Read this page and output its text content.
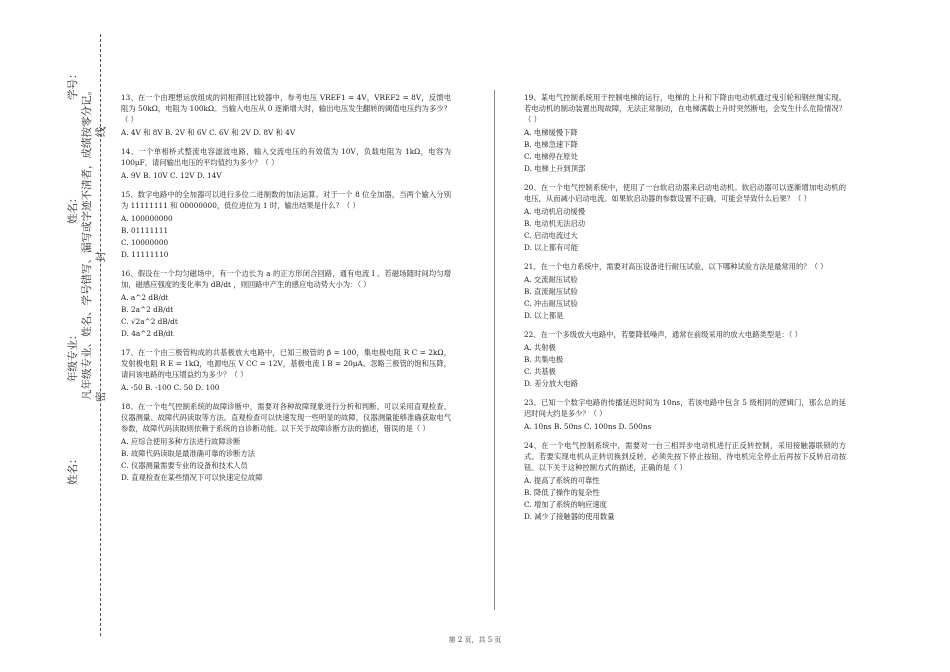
姓名：
年级专业：
姓名：
学号：
凡年级专业、姓名、学号错写、漏写或字迹不清者，成绩按零分记。 密
封
线

13、在一个由理想运放组成的同相滞回比较器中，参考电压 VREF1 = 4V，VREF2 = 8V，反馈电阻为 50kΩ，电阻为 100kΩ。当输入电压从 0 逐渐增大时，输出电压发生翻转的阈值电压约为多少？（ ）

A. 4V 和 8V B. 2V 和 6V C. 6V 和 2V D. 8V 和 4V

14、一个单相桥式整流电容滤波电路，输入交流电压的有效值为 10V，负载电阻为 1kΩ，电容为 100μF，请问输出电压的平均值约为多少？（ ）

A. 9V B. 10V C. 12V D. 14V

15、数字电路中的全加器可以进行多位二进制数的加法运算。对于一个 8 位全加器，当两个输入分别为 11111111 和 00000000，低位进位为 1 时，输出结果是什么？（ ）

A. 100000000

B. 01111111

C. 10000000

D. 11111110

16、假设在一个均匀磁场中，有一个边长为 a 的正方形闭合回路，通有电流 I 。若磁场随时间均匀增加，磁感应强度的变化率为 dB/dt ，则回路中产生的感应电动势大小为：（ ）

A. a^2 dB/dt

B. 2a^2 dB/dt

C. √2a^2 dB/dt

D. 4a^2 dB/dt

17、在一个由三极管构成的共基极放大电路中，已知三极管的 β = 100，集电极电阻 R C = 2kΩ，发射极电阻 R E = 1kΩ，电源电压 V CC = 12V，基极电流 I B = 20μA。忽略三极管的饱和压降，请问该电路的电压增益约为多少？（ ）

A. -50 B. -100 C. 50 D. 100

18、在一个电气控制系统的故障诊断中，需要对各种故障现象进行分析和判断。可以采用直观检查、仪器测量、故障代码读取等方法。直观检查可以快速发现一些明显的故障，仪器测量能够准确获取电气参数，故障代码读取则依赖于系统的自诊断功能。以下关于故障诊断方法的描述，错误的是（ ）

A. 应综合使用多种方法进行故障诊断

B. 故障代码读取是最准确可靠的诊断方法

C. 仪器测量需要专业的设备和技术人员

D. 直观检查在某些情况下可以快速定位故障

19、某电气控制系统用于控制电梯的运行，电梯的上升和下降由电动机通过曳引轮和钢丝绳实现。若电动机的制动装置出现故障，无法正常制动，在电梯满载上升时突然断电，会发生什么危险情况？（ ）

A. 电梯缓慢下降

B. 电梯急速下降

C. 电梯停在原处

D. 电梯上升到顶部

20、在一个电气控制系统中，使用了一台软启动器来启动电动机。软启动器可以逐渐增加电动机的电压，从而减小启动电流。如果软启动器的参数设置不正确，可能会导致什么后果？（ ）

A. 电动机启动缓慢

B. 电动机无法启动

C. 启动电流过大

D. 以上都有可能

21、在一个电力系统中，需要对高压设备进行耐压试验，以下哪种试验方法是最常用的？（ ）

A. 交流耐压试验

B. 直流耐压试验

C. 冲击耐压试验

D. 以上都是

22、在一个多级放大电路中，若要降低噪声，通常在前级采用的放大电路类型是：（ ）

A. 共射极

B. 共集电极

C. 共基极

D. 差分放大电路

23、已知一个数字电路的传播延迟时间为 10ns，若该电路中包含 5 级相同的逻辑门，那么总的延迟时间大约是多少？（ ）

A. 10ns B. 50ns C. 100ns D. 500ns

24、在一个电气控制系统中，需要对一台三相异步电动机进行正反转控制，采用接触器联锁的方式。若要实现电机从正转切换到反转，必须先按下停止按钮，待电机完全停止后再按下反转启动按钮。以下关于这种控制方式的描述，正确的是（ ）

A. 提高了系统的可靠性

B. 降低了操作的复杂性

C. 增加了系统的响应速度

D. 减少了接触器的使用数量

第 2 页，共 5 页
